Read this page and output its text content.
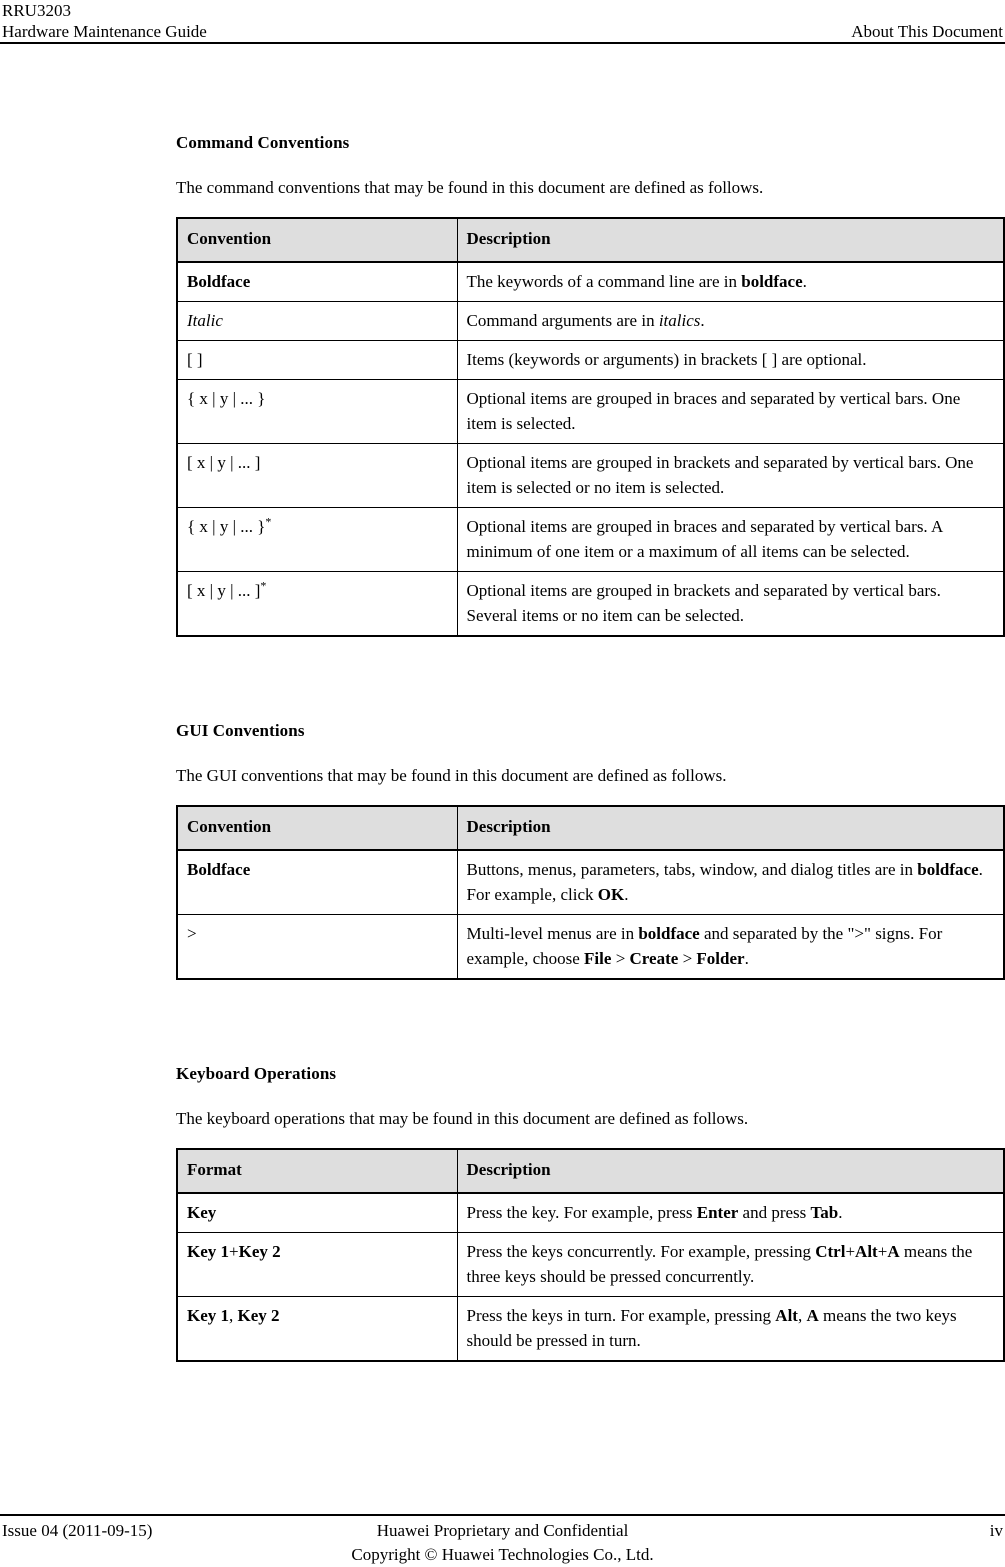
RRU3203
Hardware Maintenance Guide	About This Document
Command Conventions

The command conventions that may be found in this document are defined as follows.

Convention	Description
Boldface	The keywords of a command line are in boldface.
Italic	Command arguments are in italics.
[ ]	Items (keywords or arguments) in brackets [ ] are optional.
{ x | y | ... }	Optional items are grouped in braces and separated by vertical bars. One item is selected.
[ x | y | ... ]	Optional items are grouped in brackets and separated by vertical bars. One item is selected or no item is selected.
{ x | y | ... }*	Optional items are grouped in braces and separated by vertical bars. A minimum of one item or a maximum of all items can be selected.
[ x | y | ... ]*	Optional items are grouped in brackets and separated by vertical bars. Several items or no item can be selected.
GUI Conventions

The GUI conventions that may be found in this document are defined as follows.

Convention	Description
Boldface	Buttons, menus, parameters, tabs, window, and dialog titles are in boldface. For example, click OK.
>	Multi-level menus are in boldface and separated by the ">" signs. For example, choose File > Create > Folder.
Keyboard Operations

The keyboard operations that may be found in this document are defined as follows.

Format	Description
Key	Press the key. For example, press Enter and press Tab.
Key 1+Key 2	Press the keys concurrently. For example, pressing Ctrl+Alt+A means the three keys should be pressed concurrently.
Key 1, Key 2	Press the keys in turn. For example, pressing Alt, A means the two keys should be pressed in turn.
Issue 04 (2011-09-15)	Huawei Proprietary and Confidential
Copyright © Huawei Technologies Co., Ltd.
iv
